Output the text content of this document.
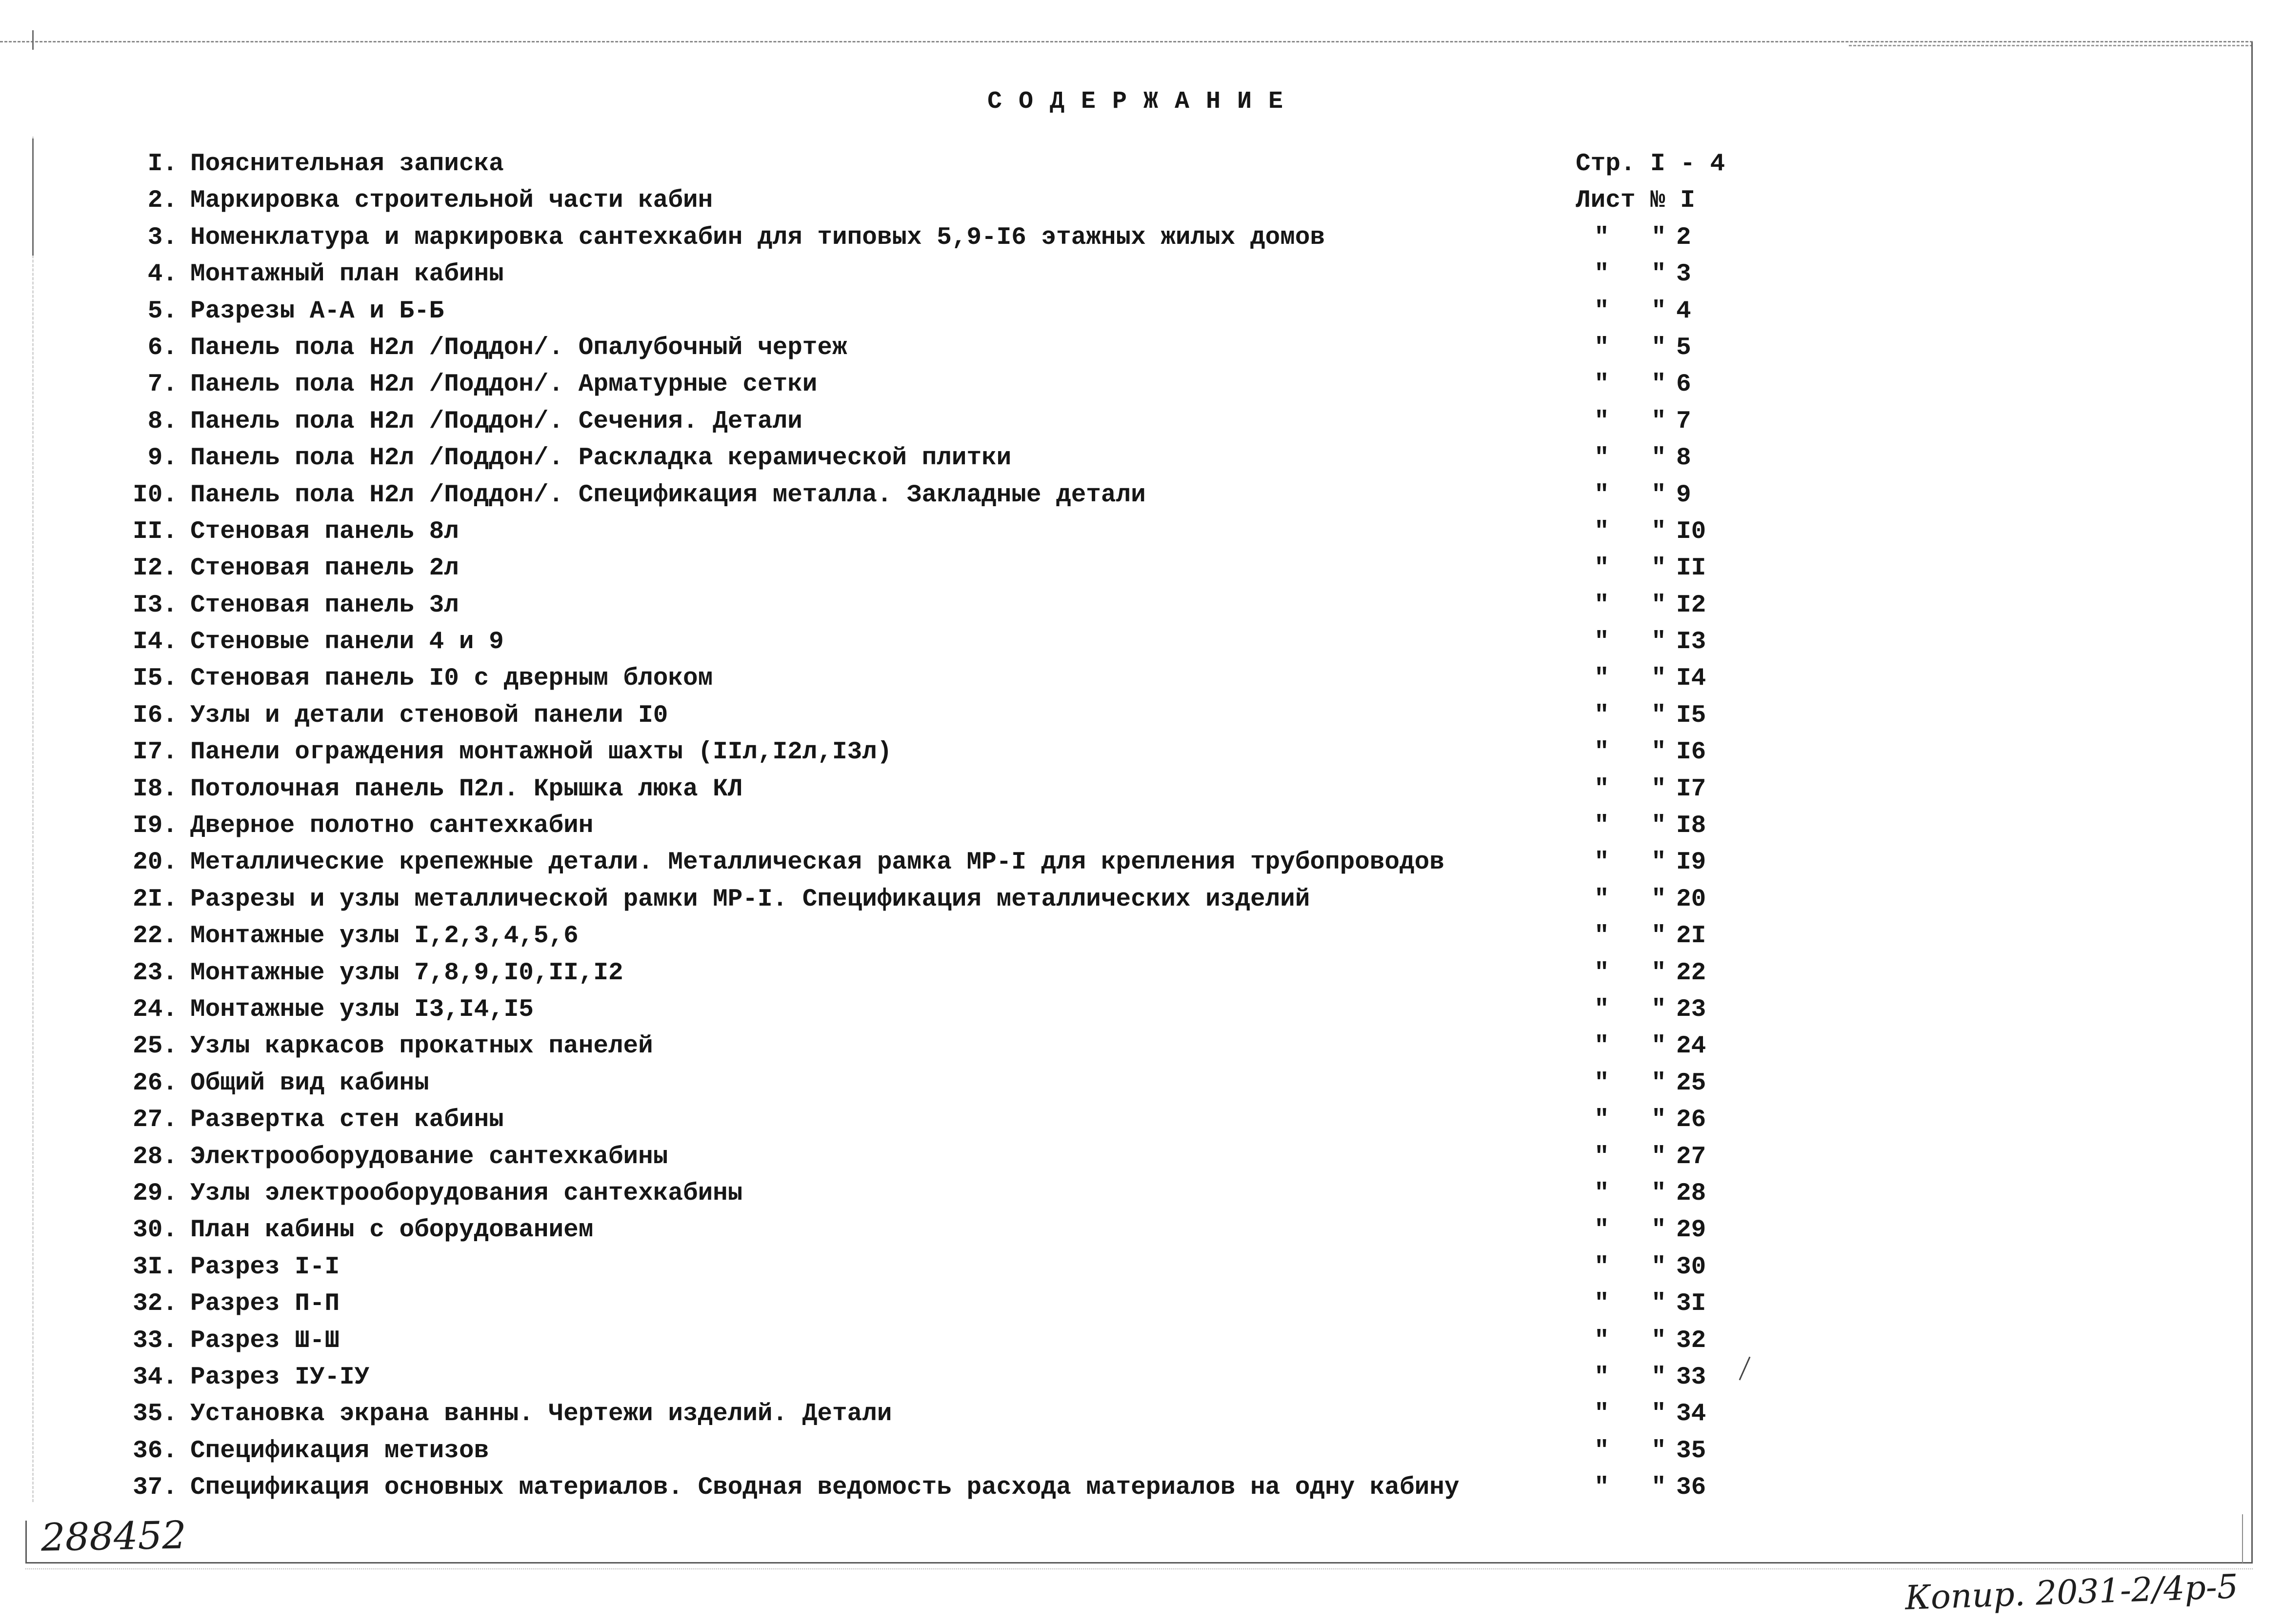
СОДЕРЖАНИЕ
I. Пояснительная записка	Стр. I - 4
2. Маркировка строительной части кабин	Лист № I
3. Номенклатура и маркировка сантехкабин для типовых 5,9-I6 этажных жилых домов	" " 2
4. Монтажный план кабины	" " 3
5. Разрезы А-А и Б-Б	" " 4
6. Панель пола Н2л /Поддон/. Опалубочный чертеж	" " 5
7. Панель пола Н2л /Поддон/. Арматурные сетки	" " 6
8. Панель пола Н2л /Поддон/. Сечения. Детали	" " 7
9. Панель пола Н2л /Поддон/. Раскладка керамической плитки	" " 8
I0. Панель пола Н2л /Поддон/. Спецификация металла. Закладные детали	" " 9
II. Стеновая панель 8л	" " I0
I2. Стеновая панель 2л	" " II
I3. Стеновая панель 3л	" " I2
I4. Стеновые панели 4 и 9	" " I3
I5. Стеновая панель I0 с дверным блоком	" " I4
I6. Узлы и детали стеновой панели I0	" " I5
I7. Панели ограждения монтажной шахты (IIл,I2л,I3л)	" " I6
I8. Потолочная панель П2л. Крышка люка КЛ	" " I7
I9. Дверное полотно сантехкабин	" " I8
20. Металлические крепежные детали. Металлическая рамка МР-I для крепления трубопроводов	" " I9
2I. Разрезы и узлы металлической рамки МР-I. Спецификация металлических изделий	" " 20
22. Монтажные узлы I,2,3,4,5,6	" " 2I
23. Монтажные узлы 7,8,9,I0,II,I2	" " 22
24. Монтажные узлы I3,I4,I5	" " 23
25. Узлы каркасов прокатных панелей	" " 24
26. Общий вид кабины	" " 25
27. Развертка стен кабины	" " 26
28. Электрооборудование сантехкабины	" " 27
29. Узлы электрооборудования сантехкабины	" " 28
30. План кабины с оборудованием	" " 29
3I. Разрез I-I	" " 30
32. Разрез П-П	" " 3I
33. Разрез Ш-Ш	" " 32
34. Разрез IУ-IУ	" " 33
35. Установка экрана ванны. Чертежи изделий. Детали	" " 34
36. Спецификация метизов	" " 35
37. Спецификация основных материалов. Сводная ведомость расхода материалов на одну кабину	" " 36
288452
Копир. 2031-2/4р-5
